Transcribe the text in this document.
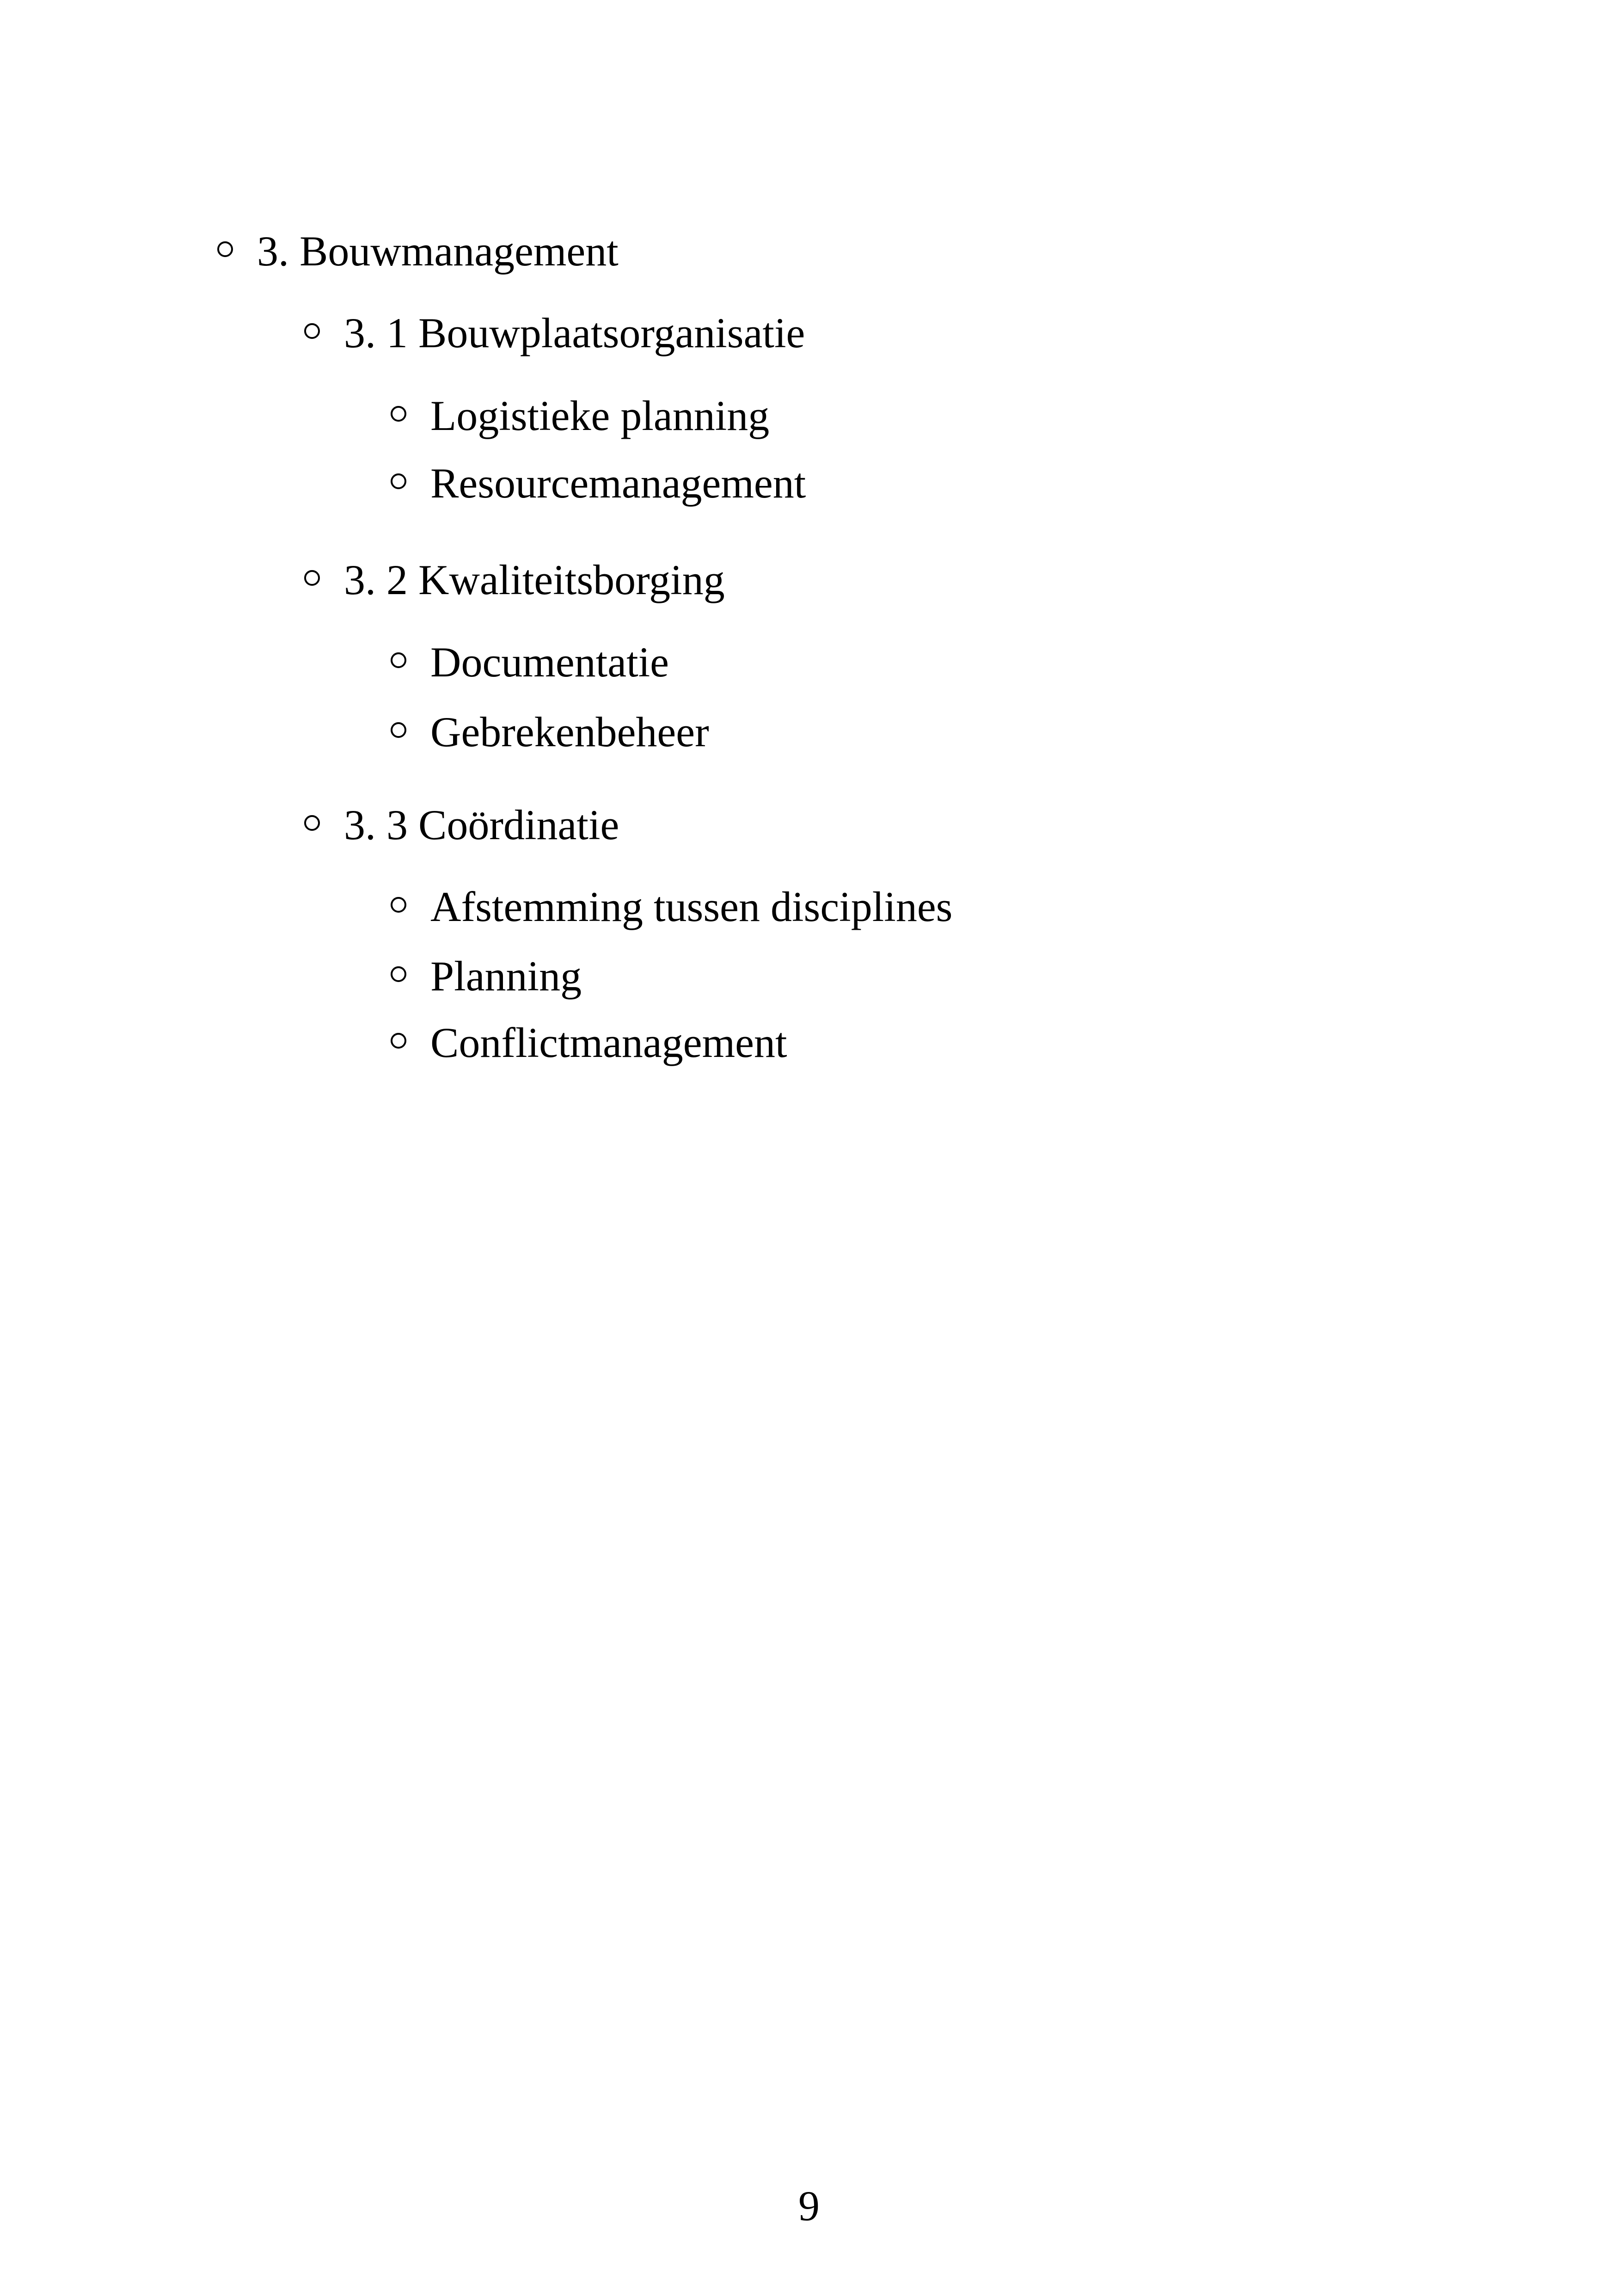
3. Bouwmanagement
3. 1 Bouwplaatsorganisatie
Logistieke planning
Resourcemanagement
3. 2 Kwaliteitsborging
Documentatie
Gebrekenbeheer
3. 3 Coördinatie
Afstemming tussen disciplines
Planning
Conflictmanagement
9
